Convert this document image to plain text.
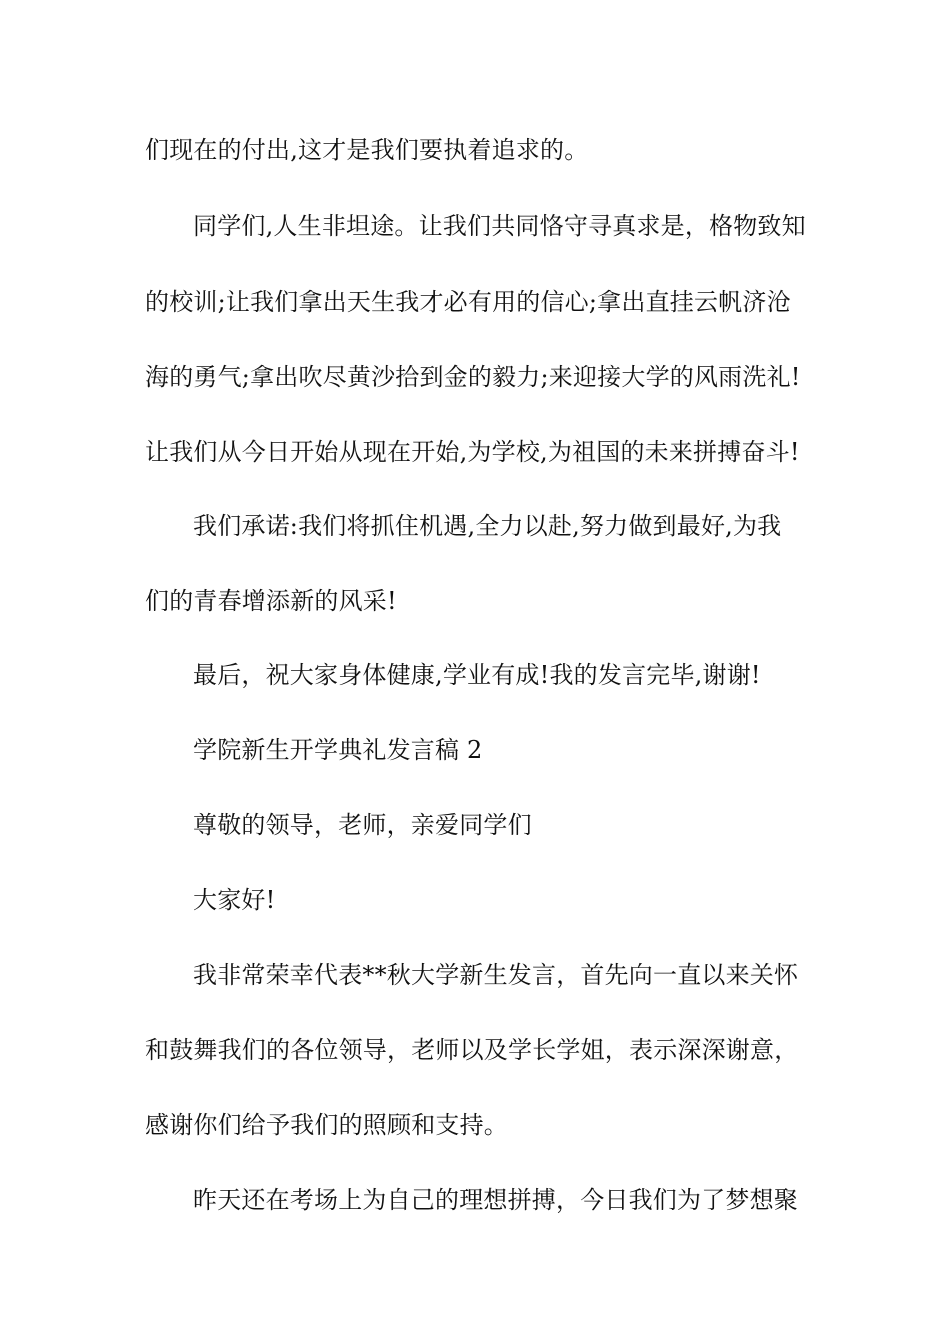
们现在的付出,这才是我们要执着追求的。
同学们,人生非坦途。让我们共同恪守寻真求是，格物致知
的校训;让我们拿出天生我才必有用的信心;拿出直挂云帆济沧
海的勇气;拿出吹尽黄沙拾到金的毅力;来迎接大学的风雨洗礼!
让我们从今日开始从现在开始,为学校,为祖国的未来拼搏奋斗!
我们承诺:我们将抓住机遇,全力以赴,努力做到最好,为我
们的青春增添新的风采!
最后，祝大家身体健康,学业有成!我的发言完毕,谢谢!
学院新生开学典礼发言稿 2
尊敬的领导，老师，亲爱同学们
大家好!
我非常荣幸代表**秋大学新生发言，首先向一直以来关怀
和鼓舞我们的各位领导，老师以及学长学姐，表示深深谢意，
感谢你们给予我们的照顾和支持。
昨天还在考场上为自己的理想拼搏，今日我们为了梦想聚
